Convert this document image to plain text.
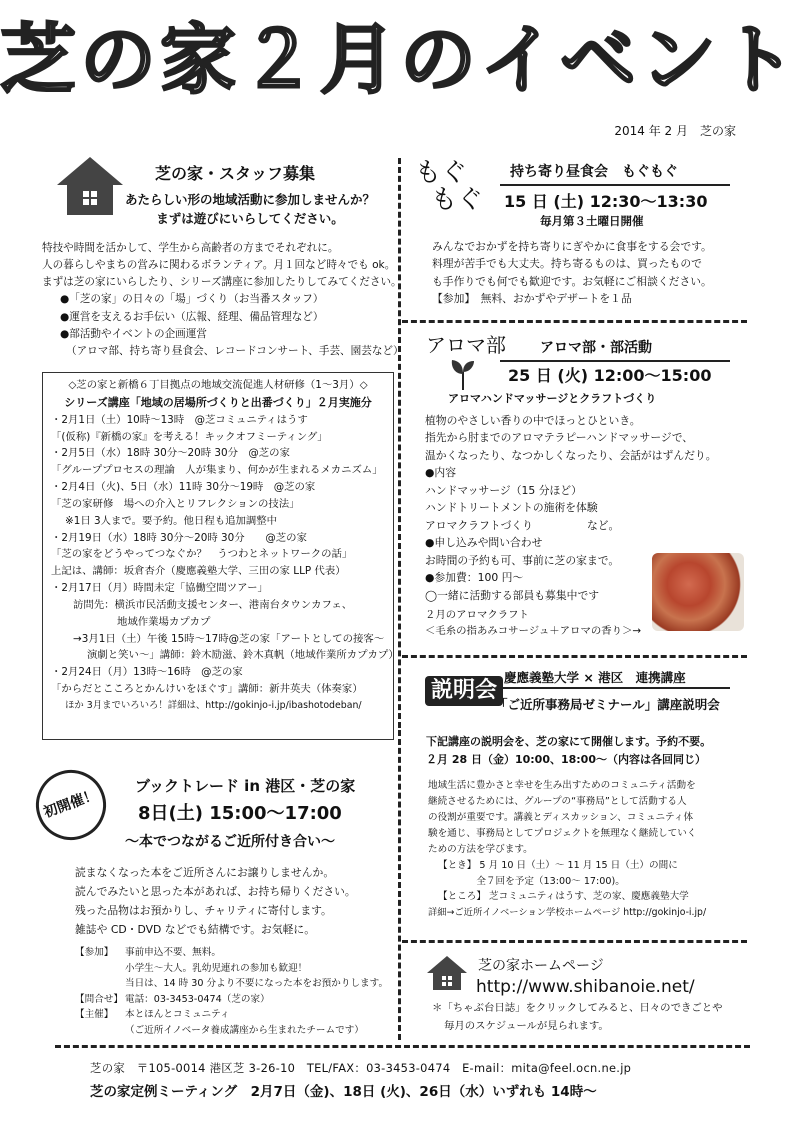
芝の家２月のイベント
2014 年 2 月　芝の家
芝の家・スタッフ募集
あたらしい形の地域活動に参加しませんか？
まずは遊びにいらしてください。

特技や時間を活かして、学生から高齢者の方までそれぞれに。

人の暮らしやまちの営みに関わるボランティア。月１回など時々でも ok。

まずは芝の家にいらしたり、シリーズ講座に参加したりしてみてください。

●「芝の家」の日々の「場」づくり（お当番スタッフ）

●運営を支えるお手伝い（広報、経理、備品管理など）

●部活動やイベントの企画運営

（アロマ部、持ち寄り昼食会、レコードコンサート、手芸、園芸など）

◇芝の家と新橋６丁目拠点の地域交流促進人材研修（1〜3月）◇

シリーズ講座「地域の居場所づくりと出番づくり」２月実施分

・2月1日（土）10時〜13時　@芝コミュニティはうす

「(仮称)『新橋の家』を考える！キックオフミーティング」

・2月5日（水）18時 30分〜20時 30分　@芝の家

「グループプロセスの理論　人が集まり、何かが生まれるメカニズム」

・2月4日（火)、5日（水）11時 30分〜19時　@芝の家

「芝の家研修　場への介入とリフレクションの技法」

※1日 3人まで。要予約。他日程も追加調整中

・2月19日（水）18時 30分〜20時 30分　　@芝の家

「芝の家をどうやってつなぐか？　うつわとネットワークの話」

上記は、講師：坂倉杏介（慶應義塾大学、三田の家 LLP 代表）

・2月17日（月）時間未定「協働空間ツアー」

訪問先：横浜市民活動支援センター、港南台タウンカフェ、

地域作業場カプカプ

→3月1日（土）午後 15時〜17時@芝の家「アートとしての接客〜

演劇と笑い〜」講師：鈴木励滋、鈴木真帆（地域作業所カプカプ）

・2月24日（月）13時〜16時　@芝の家

「からだとこころとかんけいをほぐす」講師：新井英夫（体奏家）

ほか 3月までいろいろ！詳細は、http://gokinjo-i.jp/ibashotodeban/

初開催！
ブックトレード in 港区・芝の家
8日(土) 15:00〜17:00
〜本でつながるご近所付き合い〜

読まなくなった本をご近所さんにお譲りしませんか。

読んでみたいと思った本があれば、お持ち帰りください。

残った品物はお預かりし、チャリティに寄付します。

雑誌や CD・DVD などでも結構です。お気軽に。

【参加】 事前申込不要、無料。

小学生〜大人。乳幼児連れの参加も歓迎！

当日は、14 時 30 分より不要になった本をお預かりします。

【問合せ】 電話：03-3453-0474（芝の家）

【主催】 本とほんとコミュニティ

（ご近所イノベータ養成講座から生まれたチームです）

もぐ
もぐ
持ち寄り昼食会　もぐもぐ
15 日 (土) 12:30〜13:30
毎月第３土曜日開催

みんなでおかずを持ち寄りにぎやかに食事をする会です。

料理が苦手でも大丈夫。持ち寄るものは、買ったもので

も手作りでも何でも歓迎です。お気軽にご相談ください。

【参加】　無料、おかずやデザートを１品

アロマ部	アロマ部・部活動
25 日 (火) 12:00〜15:00
アロマハンドマッサージとクラフトづくり

植物のやさしい香りの中でほっとひといき。

指先から肘までのアロマテラピーハンドマッサージで、

温かくなったり、なつかしくなったり、会話がはずんだり。

●内容

ハンドマッサージ（15 分ほど）

ハンドトリートメントの施術を体験

アロマクラフトづくり　　　　　など。

●申し込みや問い合わせ

お時間の予約も可、事前に芝の家まで。

●参加費：100 円〜

◯一緒に活動する部員も募集中です

２月のアロマクラフト

＜毛糸の指あみコサージュ＋アロマの香り＞→

説明会
慶應義塾大学 × 港区　連携講座
「ご近所事務局ゼミナール」講座説明会
下記講座の説明会を、芝の家にて開催します。予約不要。
２月 28 日（金）10:00、18:00〜（内容は各回同じ）

地域生活に豊かさと幸せを生み出すためのコミュニティ活動を

継続させるためには、グループの“事務局”として活動する人

の役割が重要です。講義とディスカッション、コミュニティ体

験を通じ、事務局としてプロジェクトを無理なく継続していく

ための方法を学びます。

【とき】 5 月 10 日（土）〜 11 月 15 日（土）の間に

　　　　全７回を予定（13:00〜 17:00)。

【ところ】 芝コミュニティはうす、芝の家、慶應義塾大学

詳細→ご近所イノベーション学校ホームページ http://gokinjo-i.jp/

芝の家ホームページ
http://www.shibanoie.net/

＊「ちゃぶ台日誌」をクリックしてみると、日々のできごとや

毎月のスケジュールが見られます。

芝の家　〒105-0014 港区芝 3-26-10　TEL/FAX：03-3453-0474　E-mail：mita@feel.ocn.ne.jp
芝の家定例ミーティング　2月7日（金)、18日 (火)、26日（水）いずれも 14時〜
